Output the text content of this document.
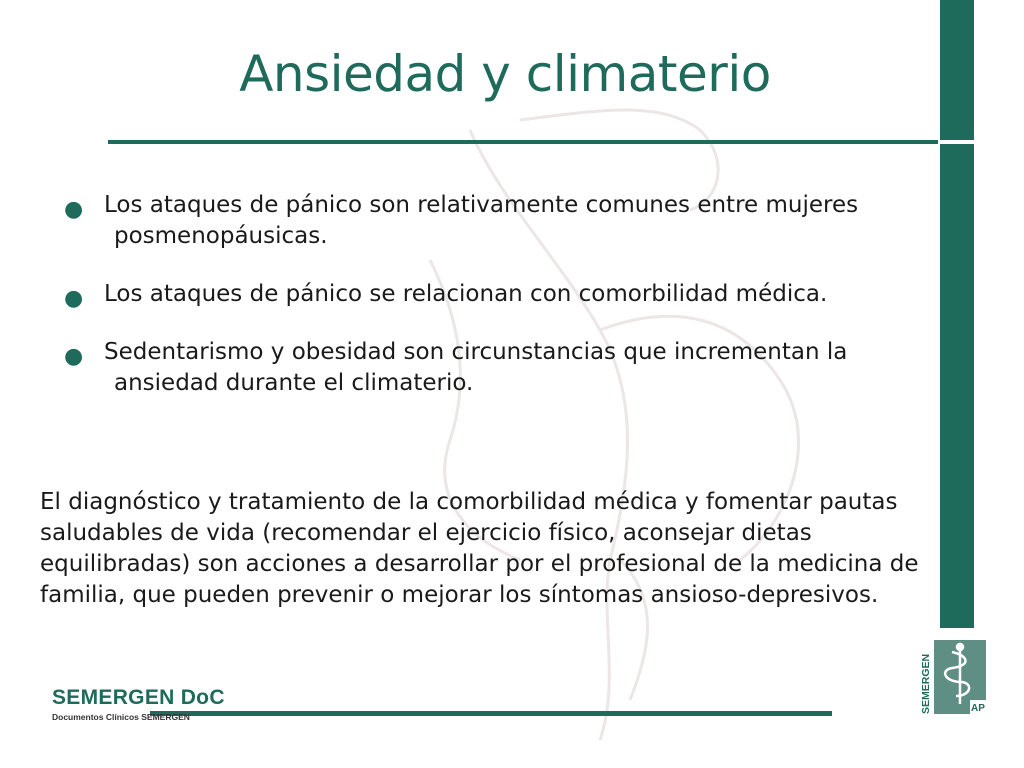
Ansiedad y climaterio
● Los ataques de pánico son relativamente comunes entre mujeres
posmenopáusicas.
● Los ataques de pánico se relacionan con comorbilidad médica.
● Sedentarismo y obesidad son circunstancias que incrementan la
ansiedad durante el climaterio.

El diagnóstico y tratamiento de la comorbilidad médica y fomentar pautas saludables de vida (recomendar el ejercicio físico, aconsejar dietas equilibradas) son acciones a desarrollar por el profesional de la medicina de familia, que pueden prevenir o mejorar los síntomas ansioso-depresivos.

SEMERGEN DoC
Documentos Clínicos SEMERGEN
SEMERGEN	AP
